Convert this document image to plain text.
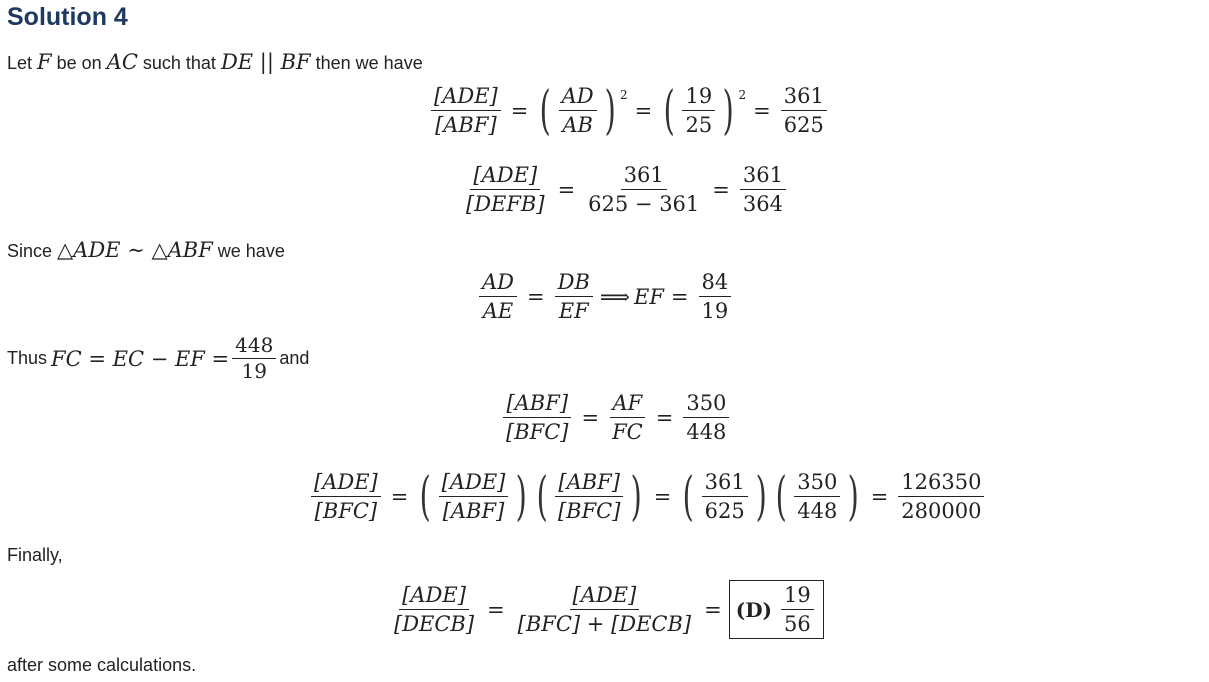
Solution 4
Let F be on AC such that DE || BF then we have
$\frac{\text{[ADE]}}{\text{[ABF]}}$ = ( $\frac{AD}{AB}$ ) 2
= ( $\frac{19}{25}$ ) 2
= $\frac{361}{625}$
$\frac{\text{[ADE]}}{\text{[DEFB]}} = \frac{361}{625 - 361} = \frac{361}{364}$
Since △ADE ∼ △ABF we have
$\frac{AD}{AE} = \frac{DB}{EF}$ ⟹ EF = $\frac{84}{19}$
Thus FC = EC − EF = $\frac{448}{19}$ and
$\frac{\text{[ABF]}}{\text{[BFC]}} = \frac{AF}{FC} = \frac{350}{448}$
$\frac{\text{[ADE]}}{\text{[BFC]}}$ = ( $\frac{\text{[ADE]}}{\text{[ABF]}}$ ) ( $\frac{\text{[ABF]}}{\text{[BFC]}}$ ) = ( $\frac{361}{625}$ ) ( $\frac{350}{448}$ ) = $\frac{126350}{280000}$
Finally,
$\frac{\text{[ADE]}}{\text{[DECB]}} = \frac{\text{[ADE]}}{\text{[BFC] + [DECB]}} = (D) \frac{19}{56}$
after some calculations.
